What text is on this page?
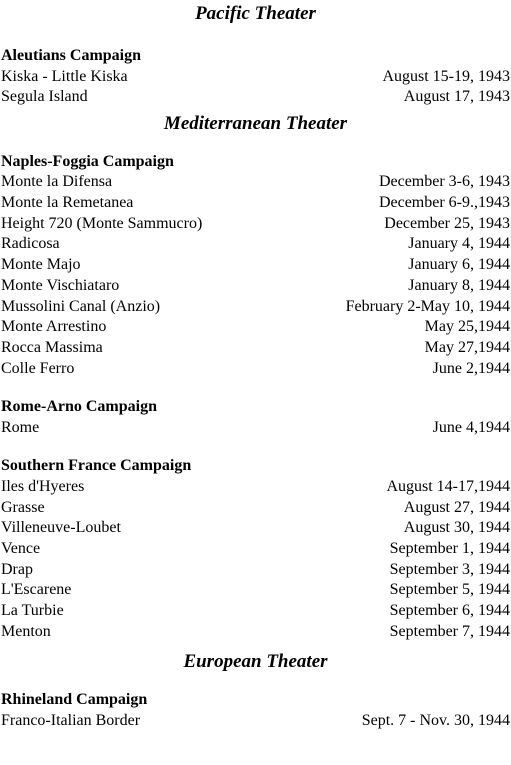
Pacific Theater
Aleutians Campaign
Kiska - Little Kiska	August 15-19, 1943
Segula Island	August 17, 1943
Mediterranean Theater
Naples-Foggia Campaign
Monte la Difensa	December 3-6, 1943
Monte la Remetanea	December 6-9.,1943
Height 720 (Monte Sammucro)	December 25, 1943
Radicosa	January 4, 1944
Monte Majo	January 6, 1944
Monte Vischiataro	January 8, 1944
Mussolini Canal (Anzio)	February 2-May 10, 1944
Monte Arrestino	May 25,1944
Rocca Massima	May 27,1944
Colle Ferro	June 2,1944
Rome-Arno Campaign
Rome	June 4,1944
Southern France Campaign
Iles d'Hyeres	August 14-17,1944
Grasse	August 27, 1944
Villeneuve-Loubet	August 30, 1944
Vence	September 1, 1944
Drap	September 3, 1944
L'Escarene	September 5, 1944
La Turbie	September 6, 1944
Menton	September 7, 1944
European Theater
Rhineland Campaign
Franco-Italian Border	Sept. 7 - Nov. 30, 1944
